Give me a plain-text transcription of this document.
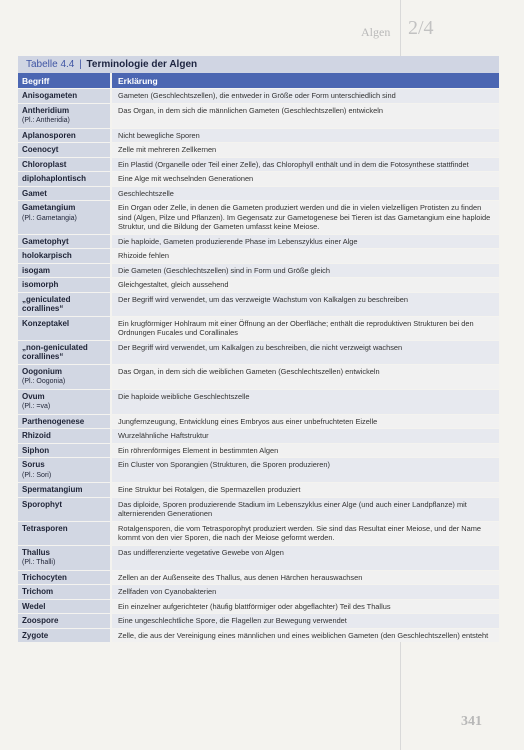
Algen 2/4
Tabelle 4.4 | Terminologie der Algen
Begriff	Erklärung
Anisogameten	Gameten (Geschlechtszellen), die entweder in Größe oder Form unterschiedlich sind
Antheridium
(Pl.: Antheridia)	Das Organ, in dem sich die männlichen Gameten (Geschlechtszellen) entwickeln
Aplanosporen	Nicht bewegliche Sporen
Coenocyt	Zelle mit mehreren Zellkernen
Chloroplast	Ein Plastid (Organelle oder Teil einer Zelle), das Chlorophyll enthält und in dem die Fotosynthese stattfindet
diplohaplontisch	Eine Alge mit wechselnden Generationen
Gamet	Geschlechtszelle
Gametangium
(Pl.: Gametangia)	Ein Organ oder Zelle, in denen die Gameten produziert werden und die in vielen vielzelligen Protisten zu finden sind (Algen, Pilze und Pflanzen). Im Gegensatz zur Gametogenese bei Tieren ist das Gametangium eine haploide Struktur, und die Bildung der Gameten umfasst keine Meiose.
Gametophyt	Die haploide, Gameten produzierende Phase im Lebenszyklus einer Alge
holokarpisch	Rhizoide fehlen
isogam	Die Gameten (Geschlechtszellen) sind in Form und Größe gleich
isomorph	Gleichgestaltet, gleich aussehend
„geniculated corallines“	Der Begriff wird verwendet, um das verzweigte Wachstum von Kalkalgen zu beschreiben
Konzeptakel	Ein krugförmiger Hohlraum mit einer Öffnung an der Oberfläche; enthält die reproduktiven Strukturen bei den Ordnungen Fucales und Corallinales
„non-geniculated corallines“	Der Begriff wird verwendet, um Kalkalgen zu beschreiben, die nicht verzweigt wachsen
Oogonium
(Pl.: Oogonia)	Das Organ, in dem sich die weiblichen Gameten (Geschlechtszellen) entwickeln
Ovum
(Pl.: =va)	Die haploide weibliche Geschlechtszelle
Parthenogenese	Jungfernzeugung, Entwicklung eines Embryos aus einer unbefruchteten Eizelle
Rhizoid	Wurzelähnliche Haftstruktur
Siphon	Ein röhrenförmiges Element in bestimmten Algen
Sorus
(Pl.: Sori)	Ein Cluster von Sporangien (Strukturen, die Sporen produzieren)
Spermatangium	Eine Struktur bei Rotalgen, die Spermazellen produziert
Sporophyt	Das diploide, Sporen produzierende Stadium im Lebenszyklus einer Alge (und auch einer Landpflanze) mit alternierenden Generationen
Tetrasporen	Rotalgensporen, die vom Tetrasporophyt produziert werden. Sie sind das Resultat einer Meiose, und der Name kommt von den vier Sporen, die nach der Meiose geformt werden.
Thallus
(Pl.: Thalli)	Das undifferenzierte vegetative Gewebe von Algen
Trichocyten	Zellen an der Außenseite des Thallus, aus denen Härchen herauswachsen
Trichom	Zellfaden von Cyanobakterien
Wedel	Ein einzelner aufgerichteter (häufig blattförmiger oder abgeflachter) Teil des Thallus
Zoospore	Eine ungeschlechtliche Spore, die Flagellen zur Bewegung verwendet
Zygote	Zelle, die aus der Vereinigung eines männlichen und eines weiblichen Gameten (den Geschlechtszellen) entsteht
341
